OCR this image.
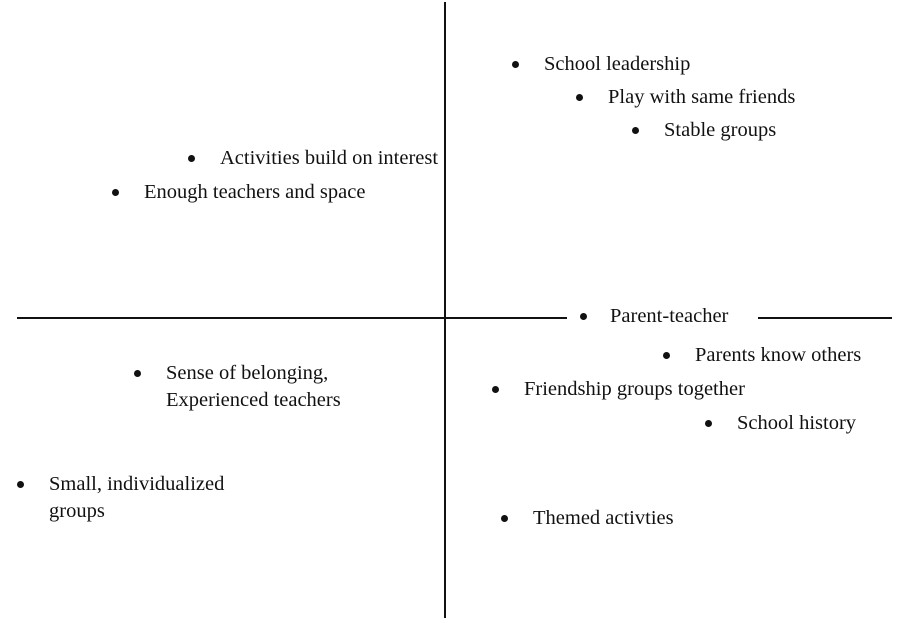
School leadership
Play with same friends
Stable groups
Activities build on interest
Enough teachers and space
Parent-teacher
Parents know others
Sense of belonging,
Experienced teachers	Friendship groups together
School history
Small, individualized
groups	Themed activties
